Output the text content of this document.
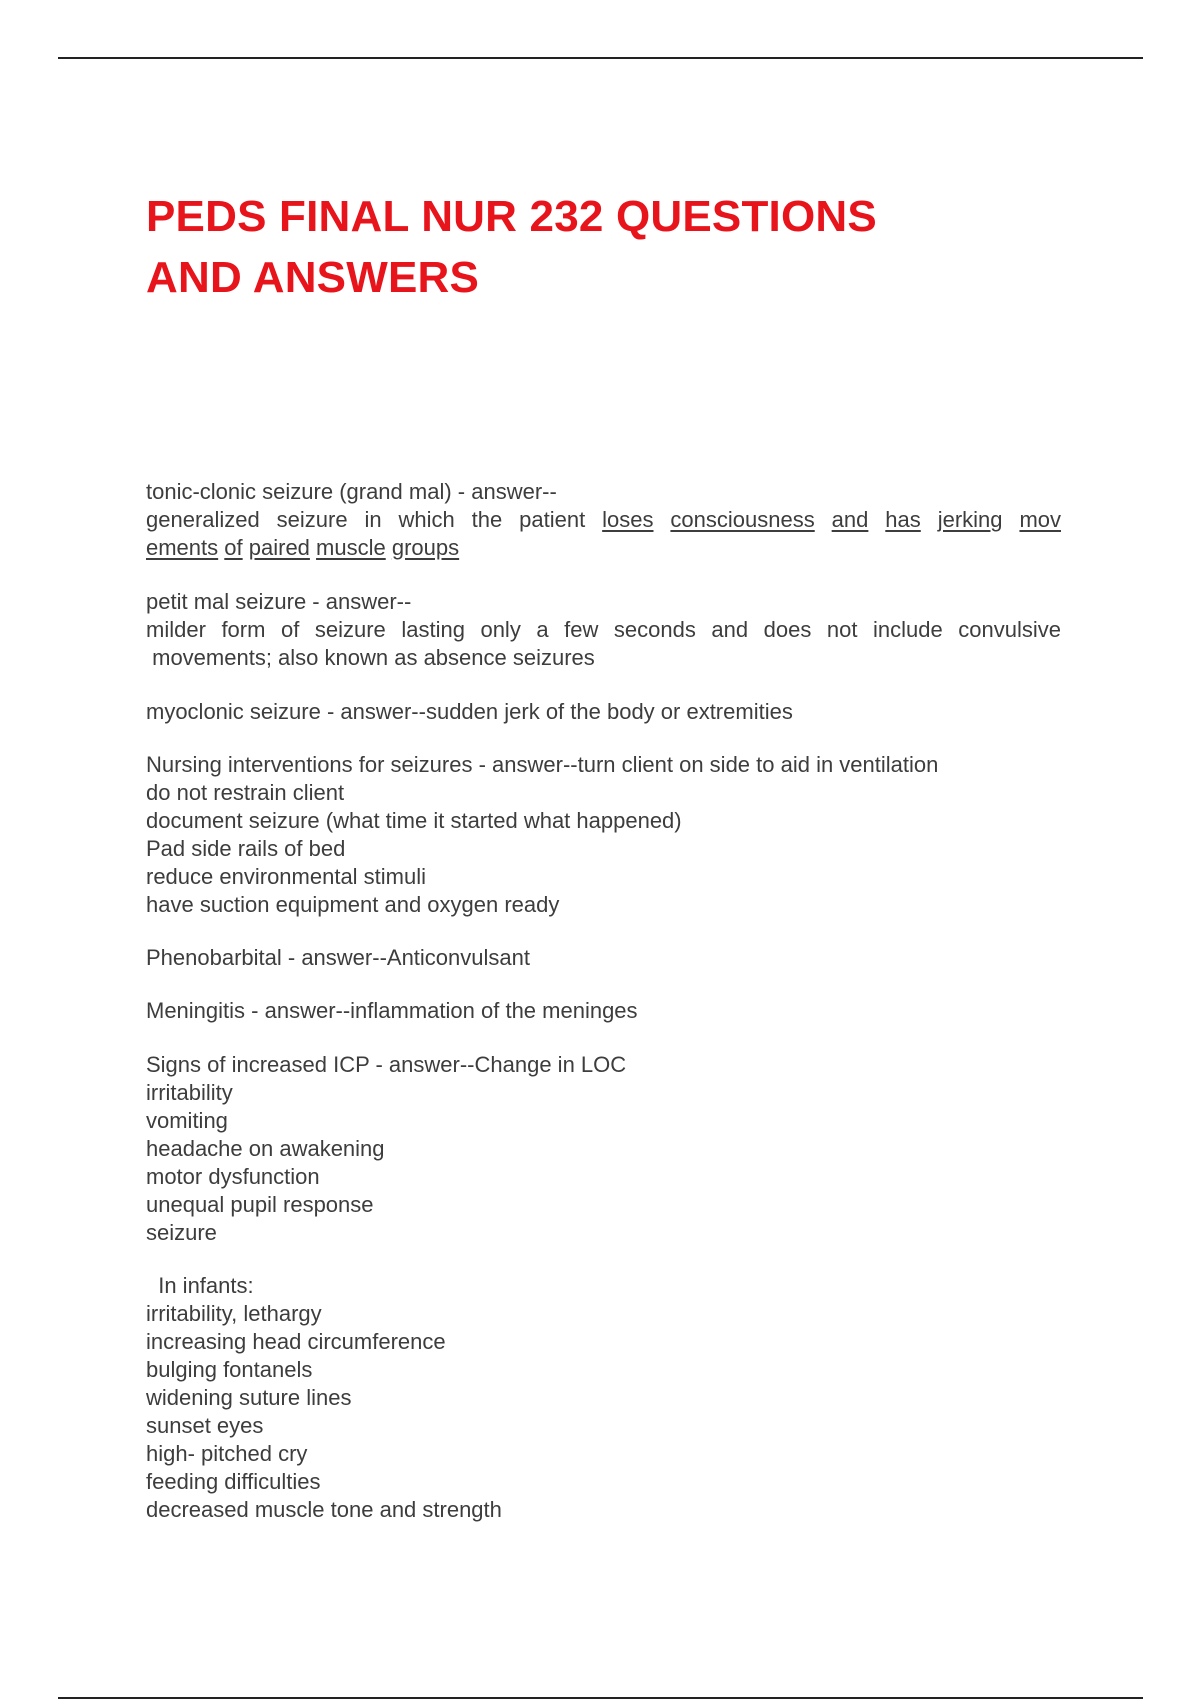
PEDS FINAL NUR 232 QUESTIONS
AND ANSWERS
tonic-clonic seizure (grand mal) - answer--
generalized seizure in which the patient loses consciousness and has jerking mov
ements of paired muscle groups
petit mal seizure - answer--
milder form of seizure lasting only a few seconds and does not include convulsive
movements; also known as absence seizures
myoclonic seizure - answer--sudden jerk of the body or extremities
Nursing interventions for seizures - answer--turn client on side to aid in ventilation
do not restrain client
document seizure (what time it started what happened)
Pad side rails of bed
reduce environmental stimuli
have suction equipment and oxygen ready
Phenobarbital - answer--Anticonvulsant
Meningitis - answer--inflammation of the meninges
Signs of increased ICP - answer--Change in LOC
irritability
vomiting
headache on awakening
motor dysfunction
unequal pupil response
seizure
In infants:
irritability, lethargy
increasing head circumference
bulging fontanels
widening suture lines
sunset eyes
high- pitched cry
feeding difficulties
decreased muscle tone and strength
